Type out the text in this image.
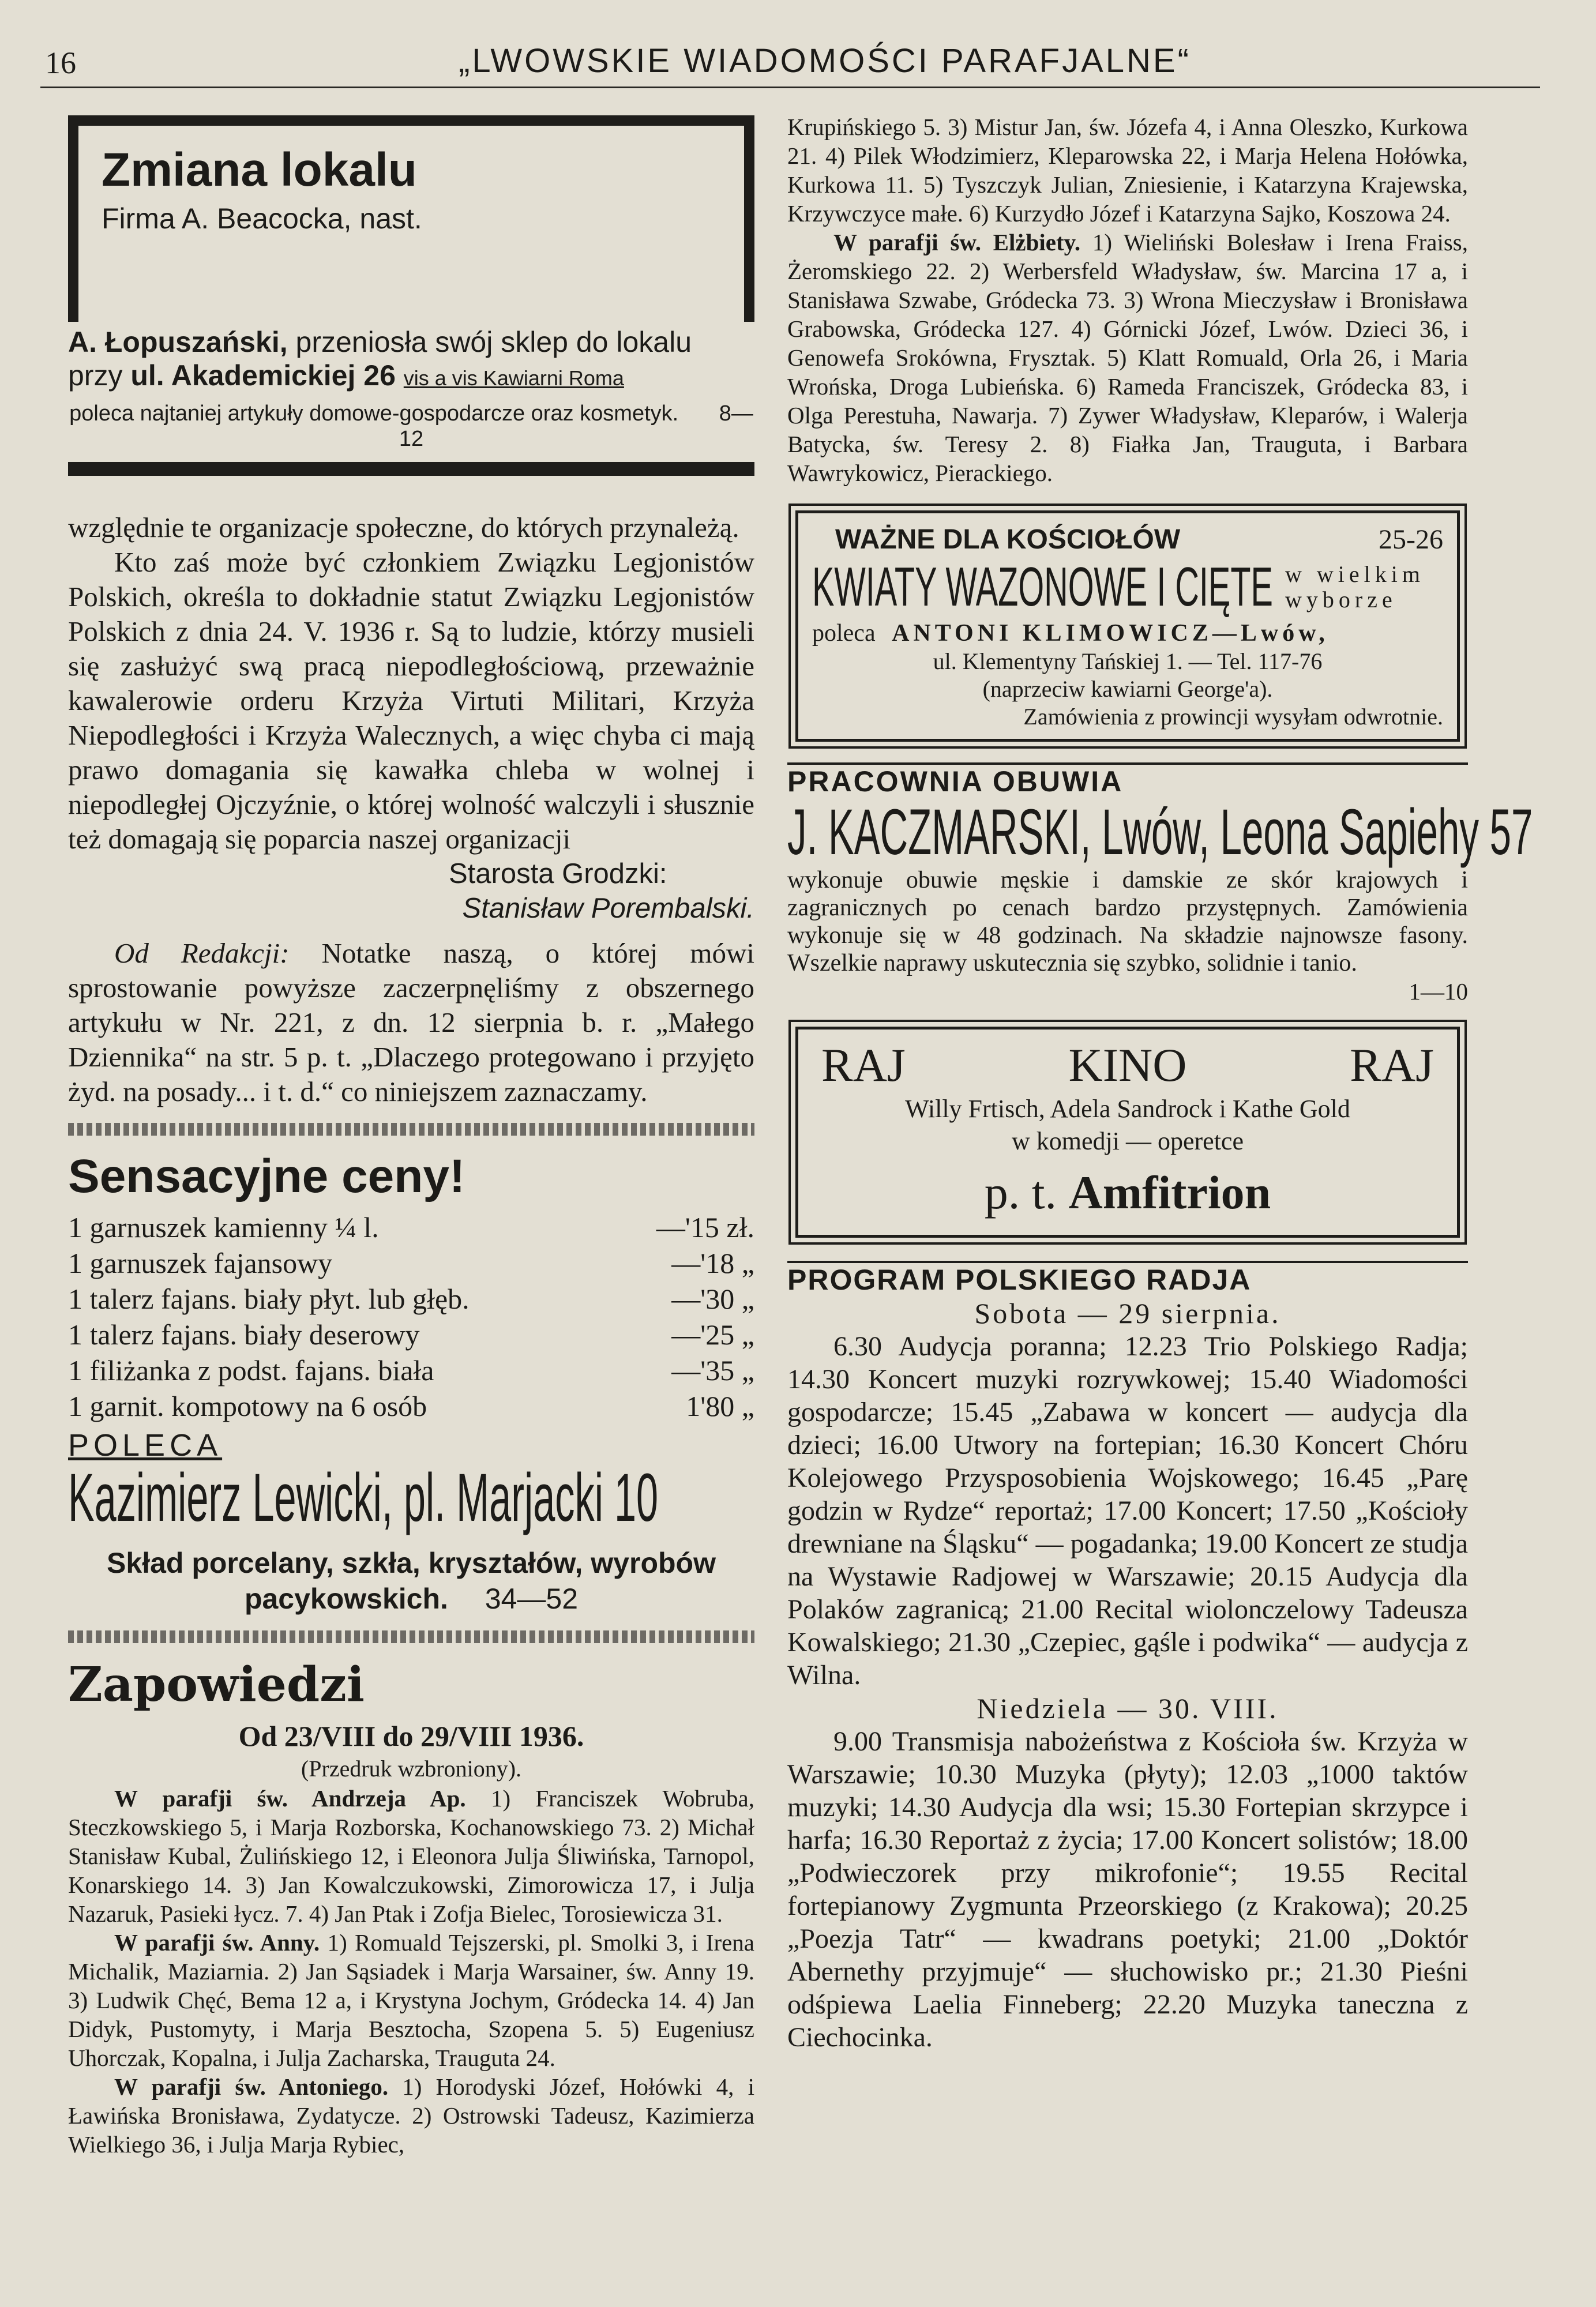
16	„LWOWSKIE WIADOMOŚCI PARAFJALNE“
Zmiana lokalu
Firma A. Beacocka, nast.
A. Łopuszański, przeniosła swój sklep do lokalu
przy ul. Akademickiej 26 vis a vis Kawiarni Roma
poleca najtaniej artykuły domowe-gospodarcze oraz kosmetyk. 8—12

względnie te organizacje społeczne, do których przynależą.

Kto zaś może być członkiem Związku Legjonistów Polskich, określa to dokładnie statut Związku Legjonistów Polskich z dnia 24. V. 1936 r. Są to ludzie, którzy musieli się zasłużyć swą pracą niepodległościową, przeważnie kawalerowie orderu Krzyża Virtuti Militari, Krzyża Niepodległości i Krzyża Walecznych, a więc chyba ci mają prawo domagania się kawałka chleba w wolnej i niepodległej Ojczyźnie, o której wolność walczyli i słusznie też domagają się poparcia naszej organizacji

Starosta Grodzki:
Stanisław Porembalski.

Od Redakcji: Notatke naszą, o której mówi sprostowanie powyższe zaczerpnęliśmy z obszernego artykułu w Nr. 221, z dn. 12 sierpnia b. r. „Małego Dziennika“ na str. 5 p. t. „Dlaczego protegowano i przyjęto żyd. na posady... i t. d.“ co niniejszem zaznaczamy.

Sensacyjne ceny!
1 garnuszek kamienny ¼ l.	—'15 zł.
1 garnuszek fajansowy	—'18 „
1 talerz fajans. biały płyt. lub głęb.	—'30 „
1 talerz fajans. biały deserowy	—'25 „
1 filiżanka z podst. fajans. biała	—'35 „
1 garnit. kompotowy na 6 osób	1'80 „
POLECA
Kazimierz Lewicki, pl. Marjacki 10
Skład porcelany, szkła, kryształów, wyrobów pacykowskich. 34—52
Zapowiedzi
Od 23/VIII do 29/VIII 1936.
(Przedruk wzbroniony).

W parafji św. Andrzeja Ap. 1) Franciszek Wobruba, Steczkowskiego 5, i Marja Rozborska, Kochanowskiego 73. 2) Michał Stanisław Kubal, Żulińskiego 12, i Eleonora Julja Śliwińska, Tarnopol, Konarskiego 14. 3) Jan Kowalczukowski, Zimorowicza 17, i Julja Nazaruk, Pasieki łycz. 7. 4) Jan Ptak i Zofja Bielec, Torosiewicza 31.

W parafji św. Anny. 1) Romuald Tejszerski, pl. Smolki 3, i Irena Michalik, Maziarnia. 2) Jan Sąsiadek i Marja Warsainer, św. Anny 19. 3) Ludwik Chęć, Bema 12 a, i Krystyna Jochym, Gródecka 14. 4) Jan Didyk, Pustomyty, i Marja Besztocha, Szopena 5. 5) Eugeniusz Uhorczak, Kopalna, i Julja Zacharska, Trauguta 24.

W parafji św. Antoniego. 1) Horodyski Józef, Hołówki 4, i Ławińska Bronisława, Zydatycze. 2) Ostrowski Tadeusz, Kazimierza Wielkiego 36, i Julja Marja Rybiec,

Krupińskiego 5. 3) Mistur Jan, św. Józefa 4, i Anna Oleszko, Kurkowa 21. 4) Pilek Włodzimierz, Kleparowska 22, i Marja Helena Hołówka, Kurkowa 11. 5) Tyszczyk Julian, Zniesienie, i Katarzyna Krajewska, Krzywczyce małe. 6) Kurzydło Józef i Katarzyna Sajko, Koszowa 24.

W parafji św. Elżbiety. 1) Wieliński Bolesław i Irena Fraiss, Żeromskiego 22. 2) Werbersfeld Władysław, św. Marcina 17 a, i Stanisława Szwabe, Gródecka 73. 3) Wrona Mieczysław i Bronisława Grabowska, Gródecka 127. 4) Górnicki Józef, Lwów. Dzieci 36, i Genowefa Srokówna, Frysztak. 5) Klatt Romuald, Orla 26, i Maria Wrońska, Droga Lubieńska. 6) Rameda Franciszek, Gródecka 83, i Olga Perestuha, Nawarja. 7) Zywer Władysław, Kleparów, i Walerja Batycka, św. Teresy 2. 8) Fiałka Jan, Trauguta, i Barbara Wawrykowicz, Pierackiego.

WAŻNE DLA KOŚCIOŁÓW	25-26
KWIATY WAZONOWE I CIĘTE w wielkim
wyborze
poleca ANTONI KLIMOWICZ—Lwów,
ul. Klementyny Tańskiej 1. — Tel. 117-76
(naprzeciw kawiarni George'a).
Zamówienia z prowincji wysyłam odwrotnie.
PRACOWNIA OBUWIA
J. KACZMARSKI, Lwów, Leona Sapiehy 57

wykonuje obuwie męskie i damskie ze skór krajowych i zagranicznych po cenach bardzo przystępnych. Zamówienia wykonuje się w 48 godzinach. Na składzie najnowsze fasony. Wszelkie naprawy uskutecznia się szybko, solidnie i tanio.

1—10
RAJ	KINO	RAJ
Willy Frtisch, Adela Sandrock i Kathe Gold
w komedji — operetce
p. t. Amfitrion
PROGRAM POLSKIEGO RADJA
Sobota — 29 sierpnia.

6.30 Audycja poranna; 12.23 Trio Polskiego Radja; 14.30 Koncert muzyki rozrywkowej; 15.40 Wiadomości gospodarcze; 15.45 „Zabawa w koncert — audycja dla dzieci; 16.00 Utwory na fortepian; 16.30 Koncert Chóru Kolejowego Przysposobienia Wojskowego; 16.45 „Parę godzin w Rydze“ reportaż; 17.00 Koncert; 17.50 „Kościoły drewniane na Śląsku“ — pogadanka; 19.00 Koncert ze studja na Wystawie Radjowej w Warszawie; 20.15 Audycja dla Polaków zagranicą; 21.00 Recital wiolonczelowy Tadeusza Kowalskiego; 21.30 „Czepiec, gąśle i podwika“ — audycja z Wilna.

Niedziela — 30. VIII.

9.00 Transmisja nabożeństwa z Kościoła św. Krzyża w Warszawie; 10.30 Muzyka (płyty); 12.03 „1000 taktów muzyki; 14.30 Audycja dla wsi; 15.30 Fortepian skrzypce i harfa; 16.30 Reportaż z życia; 17.00 Koncert solistów; 18.00 „Podwieczorek przy mikrofonie“; 19.55 Recital fortepianowy Zygmunta Przeorskiego (z Krakowa); 20.25 „Poezja Tatr“ — kwadrans poetyki; 21.00 „Doktór Abernethy przyjmuje“ — słuchowisko pr.; 21.30 Pieśni odśpiewa Laelia Finneberg; 22.20 Muzyka taneczna z Ciechocinka.
